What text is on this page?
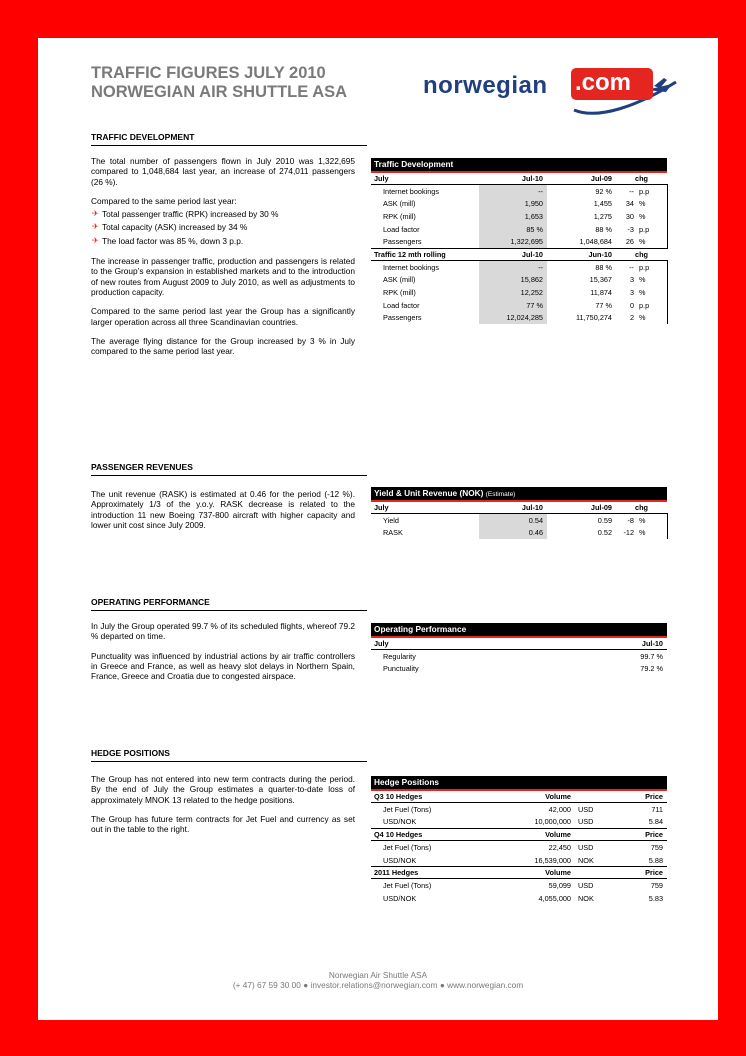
TRAFFIC FIGURES JULY 2010
NORWEGIAN AIR SHUTTLE ASA	norwegian .com
TRAFFIC DEVELOPMENT

The total number of passengers flown in July 2010 was 1,322,695 compared to 1,048,684 last year, an increase of 274,011 passengers (26 %).

Compared to the same period last year:

✈ Total passenger traffic (RPK) increased by 30 %
✈ Total capacity (ASK) increased by 34 %
✈ The load factor was 85 %, down 3 p.p.

The increase in passenger traffic, production and passengers is related to the Group’s expansion in established markets and to the introduction of new routes from August 2009 to July 2010, as well as adjustments to production capacity.

Compared to the same period last year the Group has a significantly larger operation across all three Scandinavian countries.

The average flying distance for the Group increased by 3 % in July compared to the same period last year.

Traffic Development
July	Jul-10	Jul-09	chg	
Internet bookings	--	92 %	--	p.p
ASK (mill)	1,950	1,455	34	%
RPK (mill)	1,653	1,275	30	%
Load factor	85 %	88 %	-3	p.p
Passengers	1,322,695	1,048,684	26	%
Traffic 12 mth rolling	Jul-10	Jun-10	chg	
Internet bookings	--	88 %	--	p.p
ASK (mill)	15,862	15,367	3	%
RPK (mill)	12,252	11,874	3	%
Load factor	77 %	77 %	0	p.p
Passengers	12,024,285	11,750,274	2	%
PASSENGER REVENUES

The unit revenue (RASK) is estimated at 0.46 for the period (-12 %). Approximately 1/3 of the y.o.y. RASK decrease is related to the introduction 11 new Boeing 737-800 aircraft with higher capacity and lower unit cost since July 2009.

Yield & Unit Revenue (NOK) (Estimate)
July	Jul-10	Jul-09	chg	
Yield	0.54	0.59	-8	%
RASK	0.46	0.52	-12	%
OPERATING PERFORMANCE

In July the Group operated 99.7 % of its scheduled flights, whereof 79.2 % departed on time.

Punctuality was influenced by industrial actions by air traffic controllers in Greece and France, as well as heavy slot delays in Northern Spain, France, Greece and Croatia due to congested airspace.

Operating Performance
July	Jul-10
Regularity	99.7 %
Punctuality	79.2 %
HEDGE POSITIONS

The Group has not entered into new term contracts during the period. By the end of July the Group estimates a quarter-to-date loss of approximately MNOK 13 related to the hedge positions.

The Group has future term contracts for Jet Fuel and currency as set out in the table to the right.

Hedge Positions
Q3 10 Hedges	Volume		Price
Jet Fuel (Tons)	42,000	USD	711
USD/NOK	10,000,000	USD	5.84
Q4 10 Hedges	Volume		Price
Jet Fuel (Tons)	22,450	USD	759
USD/NOK	16,539,000	NOK	5.88
2011 Hedges	Volume		Price
Jet Fuel (Tons)	59,099	USD	759
USD/NOK	4,055,000	NOK	5.83
Norwegian Air Shuttle ASA
(+ 47) 67 59 30 00 ● investor.relations@norwegian.com ● www.norwegian.com
